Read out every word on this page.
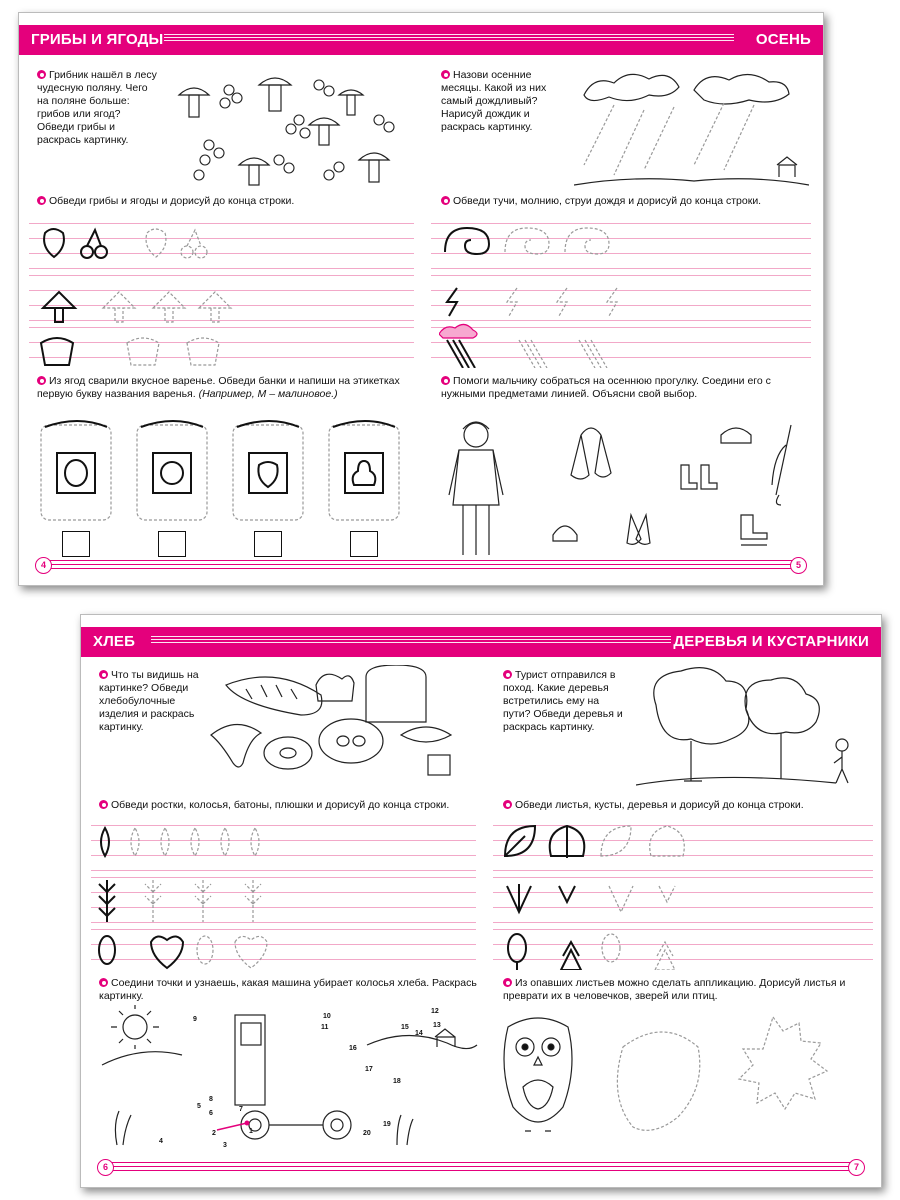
ГРИБЫ И ЯГОДЫ	ОСЕНЬ
Грибник нашёл в лесу чудесную поляну. Чего на поляне больше: грибов или ягод? Обведи грибы и раскрась картинку.
Обведи грибы и ягоды и дорисуй до конца строки.
Из ягод сварили вкусное варенье. Обведи банки и напиши на этикетках первую букву названия варенья. (Например, М – малиновое.)
Назови осенние месяцы. Какой из них самый дождливый? Нарисуй дождик и раскрась картинку.
Обведи тучи, молнию, струи дождя и дорисуй до конца строки.
Помоги мальчику собраться на осеннюю прогулку. Соедини его с нужными предметами линией. Объясни свой выбор.
4	5
ХЛЕБ	ДЕРЕВЬЯ И КУСТАРНИКИ
Что ты видишь на картинке? Обведи хлебобулочные изделия и раскрась картинку.
Обведи ростки, колосья, батоны, плюшки и дорисуй до конца строки.
Соедини точки и узнаешь, какая машина убирает колосья хлеба. Раскрась картинку.
1
2
3
4
5
6
7
8
9	10
11
12
13
14
15
16
17
18
19
20
Турист отправился в поход. Какие деревья встретились ему на пути? Обведи деревья и раскрась картинку.
Обведи листья, кусты, деревья и дорисуй до конца строки.
Из опавших листьев можно сделать аппликацию. Дорисуй листья и преврати их в человечков, зверей или птиц.
6	7
